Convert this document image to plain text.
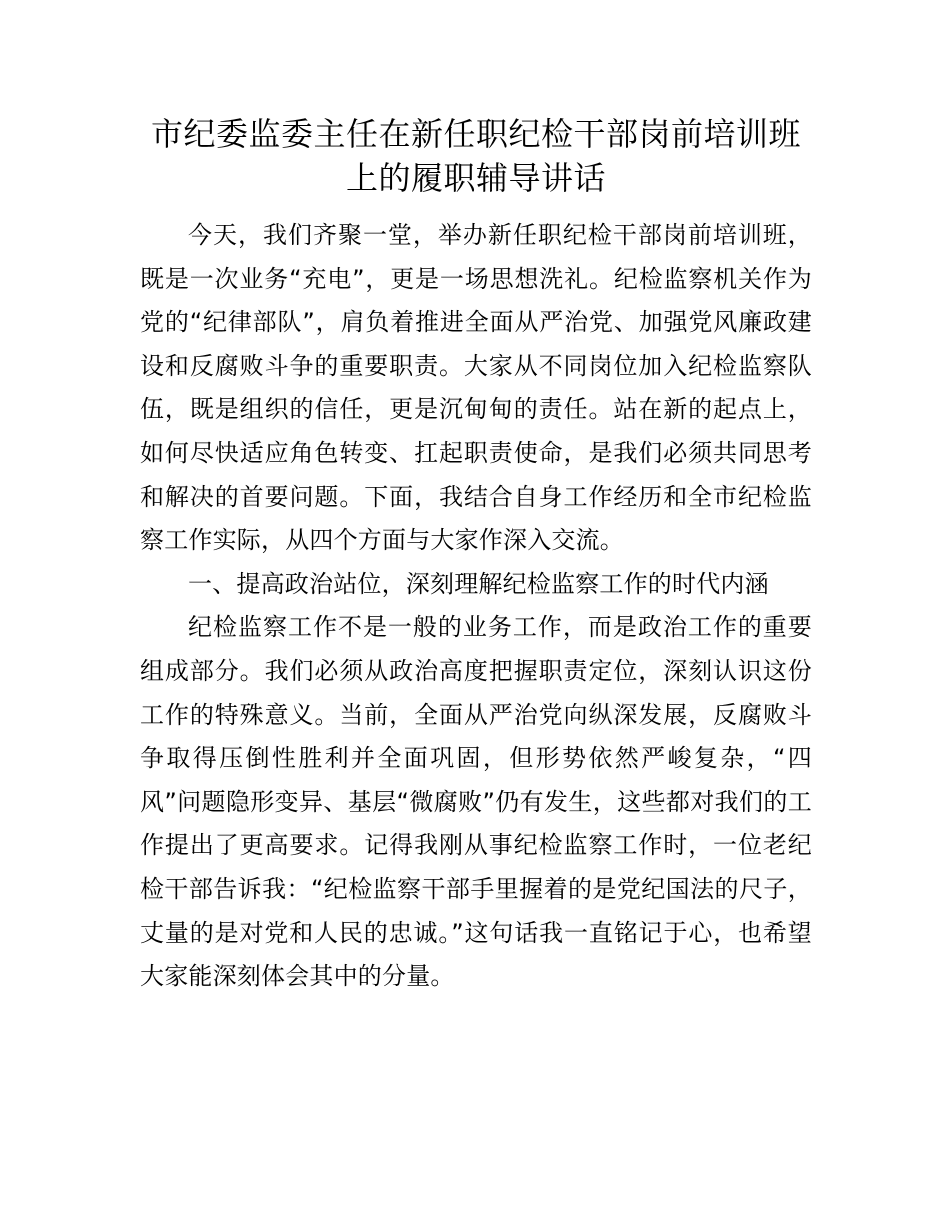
市纪委监委主任在新任职纪检干部岗前培训班
上的履职辅导讲话

今天，我们齐聚一堂，举办新任职纪检干部岗前培训班，既是一次业务“充电”，更是一场思想洗礼。纪检监察机关作为党的“纪律部队”，肩负着推进全面从严治党、加强党风廉政建设和反腐败斗争的重要职责。大家从不同岗位加入纪检监察队伍，既是组织的信任，更是沉甸甸的责任。站在新的起点上，如何尽快适应角色转变、扛起职责使命，是我们必须共同思考和解决的首要问题。下面，我结合自身工作经历和全市纪检监察工作实际，从四个方面与大家作深入交流。

一、提高政治站位，深刻理解纪检监察工作的时代内涵

纪检监察工作不是一般的业务工作，而是政治工作的重要组成部分。我们必须从政治高度把握职责定位，深刻认识这份工作的特殊意义。当前，全面从严治党向纵深发展，反腐败斗争取得压倒性胜利并全面巩固，但形势依然严峻复杂，“四风”问题隐形变异、基层“微腐败”仍有发生，这些都对我们的工作提出了更高要求。记得我刚从事纪检监察工作时，一位老纪检干部告诉我：“纪检监察干部手里握着的是党纪国法的尺子，丈量的是对党和人民的忠诚。”这句话我一直铭记于心，也希望大家能深刻体会其中的分量。
